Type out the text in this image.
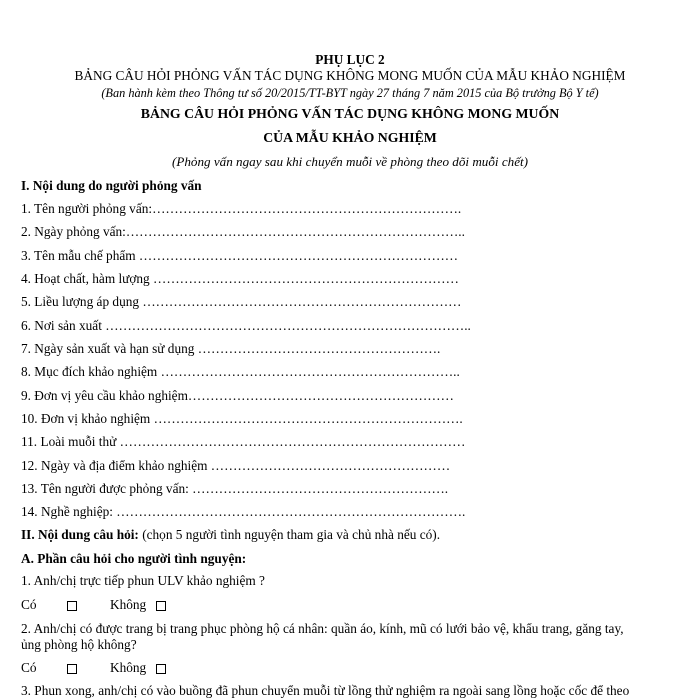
PHỤ LỤC 2
BẢNG CÂU HỎI PHỎNG VẤN TÁC DỤNG KHÔNG MONG MUỐN CỦA MẪU KHẢO NGHIỆM
(Ban hành kèm theo Thông tư số 20/2015/TT-BYT ngày 27 tháng 7 năm 2015 của Bộ trưởng Bộ Y tế)
BẢNG CÂU HỎI PHỎNG VẤN TÁC DỤNG KHÔNG MONG MUỐN
CỦA MẪU KHẢO NGHIỆM
(Phỏng vấn ngay sau khi chuyển muỗi về phòng theo dõi muỗi chết)
I. Nội dung do người phỏng vấn
1. Tên người phỏng vấn:…………………………………………………………….
2. Ngày phỏng vấn:…………………………………………………………………..
3. Tên mẫu chế phẩm ………………………………………………………………
4. Hoạt chất, hàm lượng ……………………………………………………………
5. Liều lượng áp dụng ………………………………………………………………
6. Nơi sản xuất ………………………………………………………………………..
7. Ngày sản xuất và hạn sử dụng ……………………………………………….
8. Mục đích khảo nghiệm …………………………………………………………..
9. Đơn vị yêu cầu khảo nghiệm……………………………………………………
10. Đơn vị khảo nghiệm …………………………………………………………….
11. Loài muỗi thử ……………………………………………………………………
12. Ngày và địa điểm khảo nghiệm ………………………………………………
13. Tên người được phỏng vấn: ………………………………………………….
14. Nghề nghiệp: …………………………………………………………………….
II. Nội dung câu hỏi: (chọn 5 người tình nguyện tham gia và chủ nhà nếu có).
A. Phần câu hỏi cho người tình nguyện:
1. Anh/chị trực tiếp phun ULV khảo nghiệm ?
Có	Không
2. Anh/chị có được trang bị trang phục phòng hộ cá nhân: quần áo, kính, mũ có lưới bảo vệ, khẩu trang, găng tay,
ủng phòng hộ không?
Có	Không
3. Phun xong, anh/chị có vào buồng đã phun chuyển muỗi từ lồng thử nghiệm ra ngoài sang lồng hoặc cốc để theo
